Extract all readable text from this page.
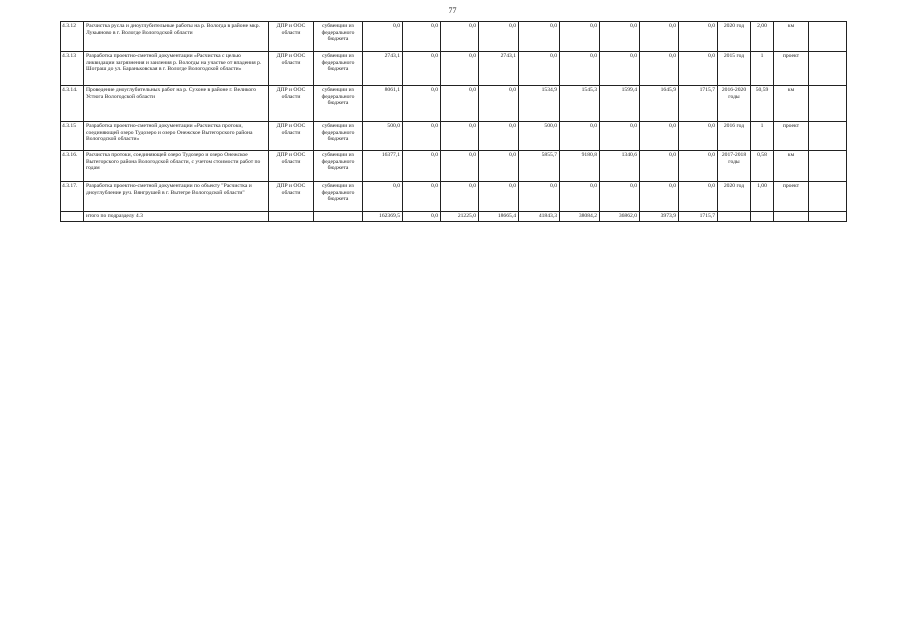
77
4.3.12	Расчистка русла и дноуглубительные работы на р. Вологда в районе мкр. Лукьяново в г. Вологде Вологодской области	ДПР и ООС области	субвенции из федерального бюджета	0,0	0,0	0,0	0,0	0,0	0,0	0,0	0,0	0,0	2020 год	2,00	км	
4.3.13	Разработка проектно-сметной документации «Расчистка с целью ликвидации загрязнения и заиления р. Вологды на участке от впадения р. Шограш до ул. Бараньковская в г. Вологде Вологодской области»	ДПР и ООС области	субвенции из федерального бюджета	2743,1	0,0	0,0	2743,1	0,0	0,0	0,0	0,0	0,0	2015 год	1	проект	
4.3.14.	Проведение дноуглубительных работ на р. Сухоне в районе г. Великого Устюга Вологодской области	ДПР и ООС области	субвенции из федерального бюджета	8061,1	0,0	0,0	0,0	1534,9	1545,3	1599,4	1645,9	1715,7	2016-2020 годы	50,59	км	
4.3.15	Разработка проектно-сметной документации «Расчистка протоки, соединяющей озеро Тудозеро и озеро Онежское Вытегорского района Вологодской области»	ДПР и ООС области	субвенции из федерального бюджета	500,0	0,0	0,0	0,0	500,0	0,0	0,0	0,0	0,0	2016 год	1	проект	
4.3.16.	Расчистка протоки, соединяющей озеро Тудозеро и озеро Онежское Вытегорского района Вологодской области, с учетом стоимости работ по годам	ДПР и ООС области	субвенции из федерального бюджета	16377,1	0,0	0,0	0,0	5855,7	9180,8	1340,6	0,0	0,0	2017-2018 годы	0,58	км	
4.3.17.	Разработка проектно-сметной документации по объекту "Расчистка и дноуглубление руч. Вянгрушей в г. Вытегре Вологодской области"	ДПР и ООС области	субвенции из федерального бюджета	0,0	0,0	0,0	0,0	0,0	0,0	0,0	0,0	0,0	2020 год	1,00	проект	
	итого по подразделу 4.3			162369,5	0,0	21225,0	18665,4	41843,3	38084,2	36862,0	3973,9	1715,7				
